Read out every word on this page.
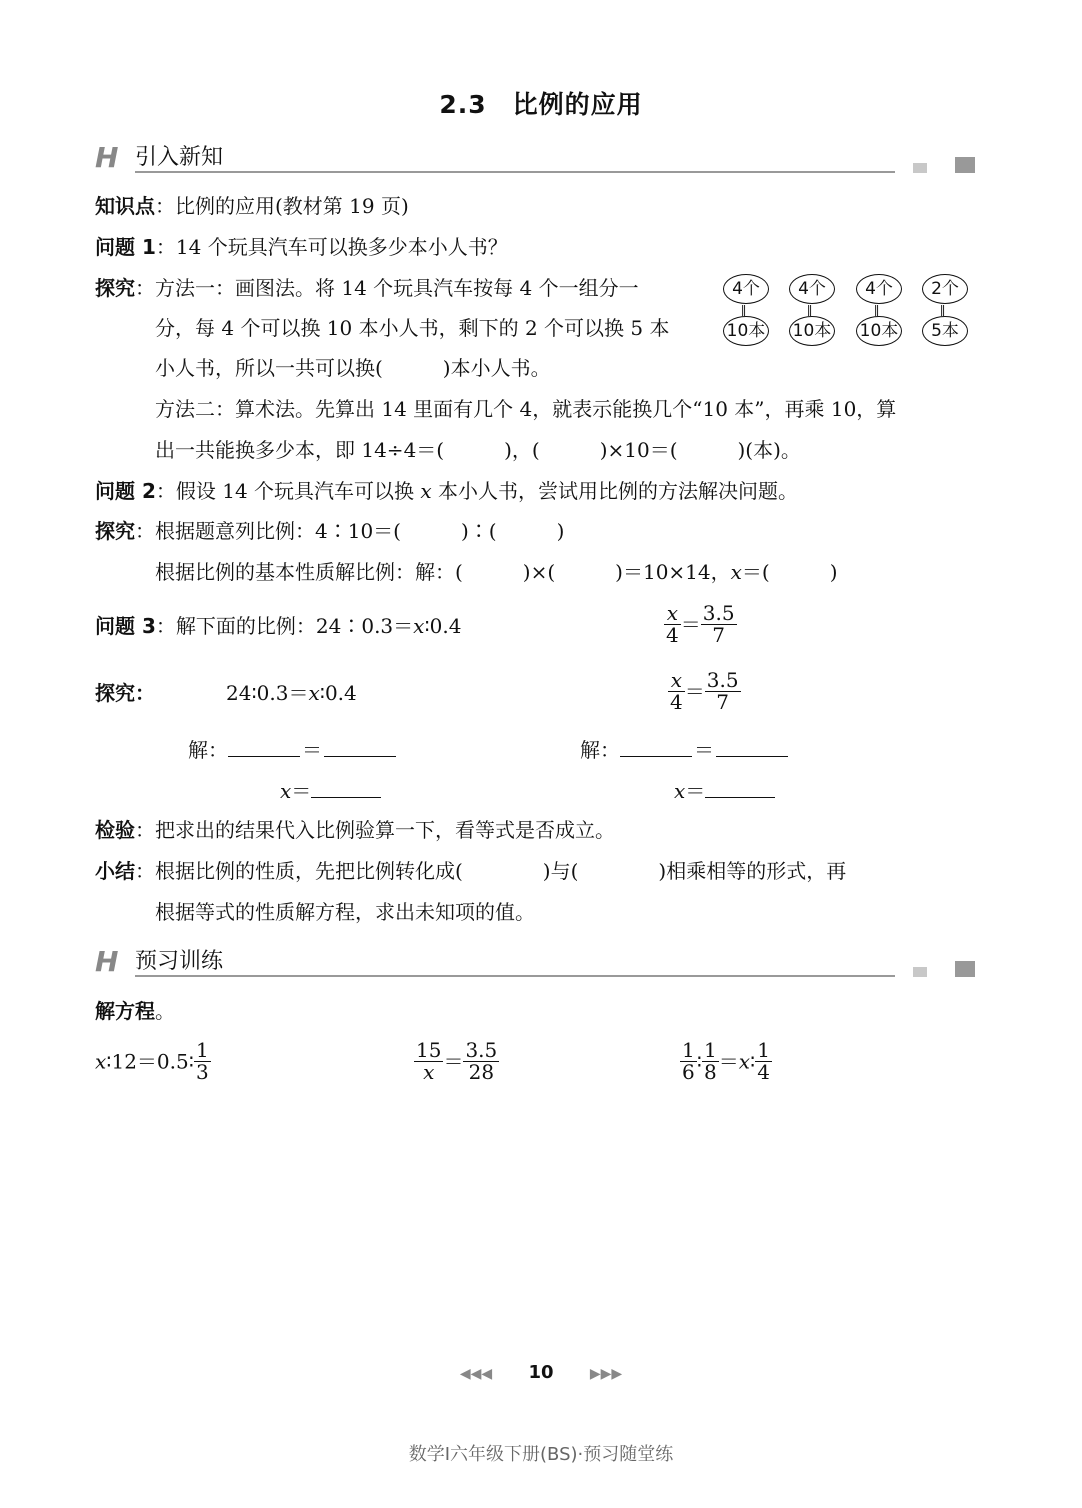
2.3　比例的应用
H 引入新知
知识点：比例的应用(教材第 19 页)
问题 1：14 个玩具汽车可以换多少本小人书？
探究：方法一：画图法。将 14 个玩具汽车按每 4 个一组分一
分，每 4 个可以换 10 本小人书，剩下的 2 个可以换 5 本
小人书，所以一共可以换(　　　)本小人书。
方法二：算术法。先算出 14 里面有几个 4，就表示能换几个“10 本”，再乘 10，算
出一共能换多少本，即 14÷4＝(　　　)，(　　　)×10＝(　　　)(本)。
4个	4个	4个	2个
∥	∥	∥	∥
10本 10本 10本	5本
问题 2：假设 14 个玩具汽车可以换 x 本小人书，尝试用比例的方法解决问题。
探究：根据题意列比例：4∶10＝(　　　)∶(　　　)
根据比例的基本性质解比例：解：(　　　)×(　　　)＝10×14，x＝(　　　)
问题 3：解下面的比例：24∶0.3＝x∶0.4	$\frac{x}{4} = \frac{3.5}{7}$
探究：	24∶0.3＝x∶0.4	$\frac{x}{4} = \frac{3.5}{7}$
解：	＝
x＝
解：	＝
x＝
检验：把求出的结果代入比例验算一下，看等式是否成立。
小结：根据比例的性质，先把比例转化成(　　　　)与(　　　　)相乘相等的形式，再
根据等式的性质解方程，求出未知项的值。
H 预习训练
解方程。
x∶12＝0.5∶ $\frac{1}{3}$	$\frac{15}{x} = \frac{3.5}{28}$	$\frac{1}{6}$ ∶ $\frac{1}{8}$ ＝x∶ $\frac{1}{4}$
◀◀◀ 10	▶▶▶
数学Ⅰ六年级下册(BS)·预习随堂练
